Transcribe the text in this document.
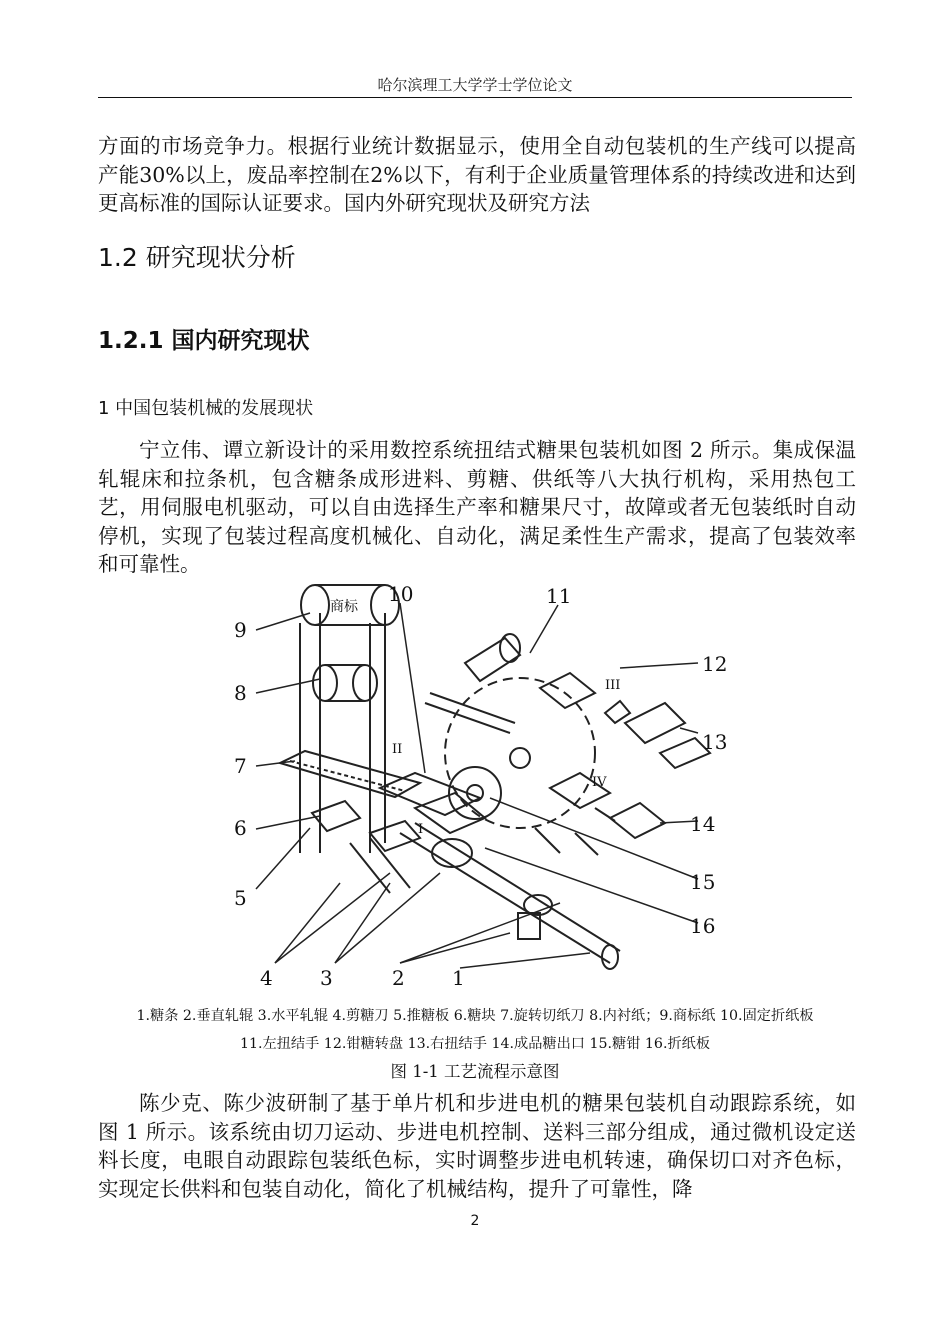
哈尔滨理工大学学士学位论文

方面的市场竞争力。根据行业统计数据显示，使用全自动包装机的生产线可以提高产能30%以上，废品率控制在2%以下，有利于企业质量管理体系的持续改进和达到更高标准的国际认证要求。国内外研究现状及研究方法

1.2 研究现状分析
1.2.1 国内研究现状
1 中国包装机械的发展现状

宁立伟、谭立新设计的采用数控系统扭结式糖果包装机如图 2 所示。集成保温轧辊床和拉条机，包含糖条成形进料、剪糖、供纸等八大执行机构，采用热包工艺，用伺服电机驱动，可以自由选择生产率和糖果尺寸，故障或者无包装纸时自动停机，实现了包装过程高度机械化、自动化，满足柔性生产需求，提高了包装效率和可靠性。

9
8
7
6
5
4 3	2 1
10	11
12
13
14
15
16
I
II
III
IV
商标
1.糖条 2.垂直轧辊 3.水平轧辊 4.剪糖刀 5.推糖板 6.糖块 7.旋转切纸刀 8.内衬纸；9.商标纸 10.固定折纸板
11.左扭结手 12.钳糖转盘 13.右扭结手 14.成品糖出口 15.糖钳 16.折纸板
图 1-1 工艺流程示意图

陈少克、陈少波研制了基于单片机和步进电机的糖果包装机自动跟踪系统，如图 1 所示。该系统由切刀运动、步进电机控制、送料三部分组成，通过微机设定送料长度，电眼自动跟踪包装纸色标，实时调整步进电机转速，确保切口对齐色标，实现定长供料和包装自动化，简化了机械结构，提升了可靠性，降

2
